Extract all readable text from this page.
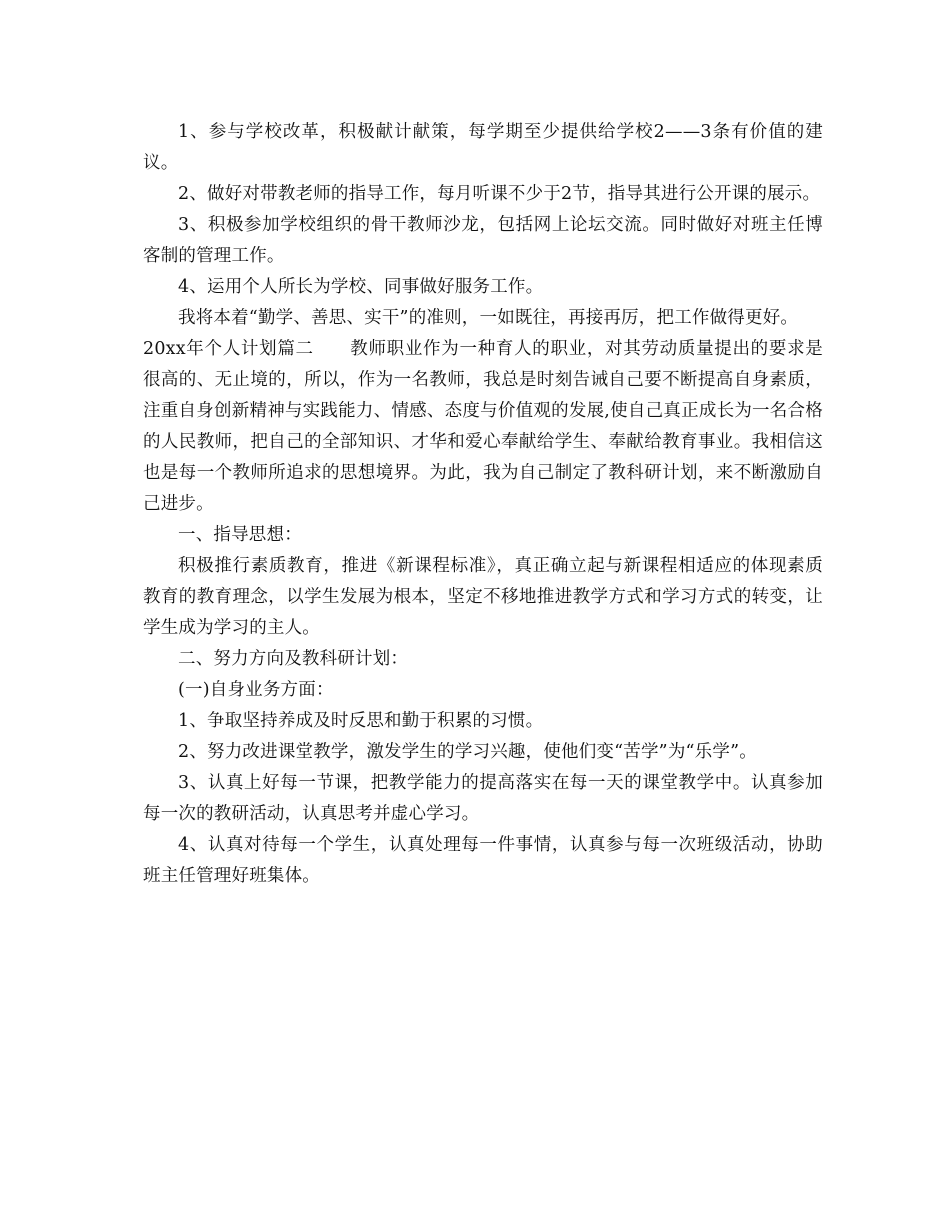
1、参与学校改革，积极献计献策，每学期至少提供给学校2——3条有价值的建议。

2、做好对带教老师的指导工作，每月听课不少于2节，指导其进行公开课的展示。

3、积极参加学校组织的骨干教师沙龙，包括网上论坛交流。同时做好对班主任博客制的管理工作。

4、运用个人所长为学校、同事做好服务工作。

我将本着“勤学、善思、实干”的准则，一如既往，再接再厉，把工作做得更好。

20xx年个人计划篇二 教师职业作为一种育人的职业，对其劳动质量提出的要求是很高的、无止境的，所以，作为一名教师，我总是时刻告诫自己要不断提高自身素质，注重自身创新精神与实践能力、情感、态度与价值观的发展,使自己真正成长为一名合格的人民教师，把自己的全部知识、才华和爱心奉献给学生、奉献给教育事业。我相信这也是每一个教师所追求的思想境界。为此，我为自己制定了教科研计划，来不断激励自己进步。

一、指导思想：

积极推行素质教育，推进《新课程标准》，真正确立起与新课程相适应的体现素质教育的教育理念，以学生发展为根本，坚定不移地推进教学方式和学习方式的转变，让学生成为学习的主人。

二、努力方向及教科研计划：

(一)自身业务方面：

1、争取坚持养成及时反思和勤于积累的习惯。

2、努力改进课堂教学，激发学生的学习兴趣，使他们变“苦学”为“乐学”。

3、认真上好每一节课，把教学能力的提高落实在每一天的课堂教学中。认真参加每一次的教研活动，认真思考并虚心学习。

4、认真对待每一个学生，认真处理每一件事情，认真参与每一次班级活动，协助班主任管理好班集体。
